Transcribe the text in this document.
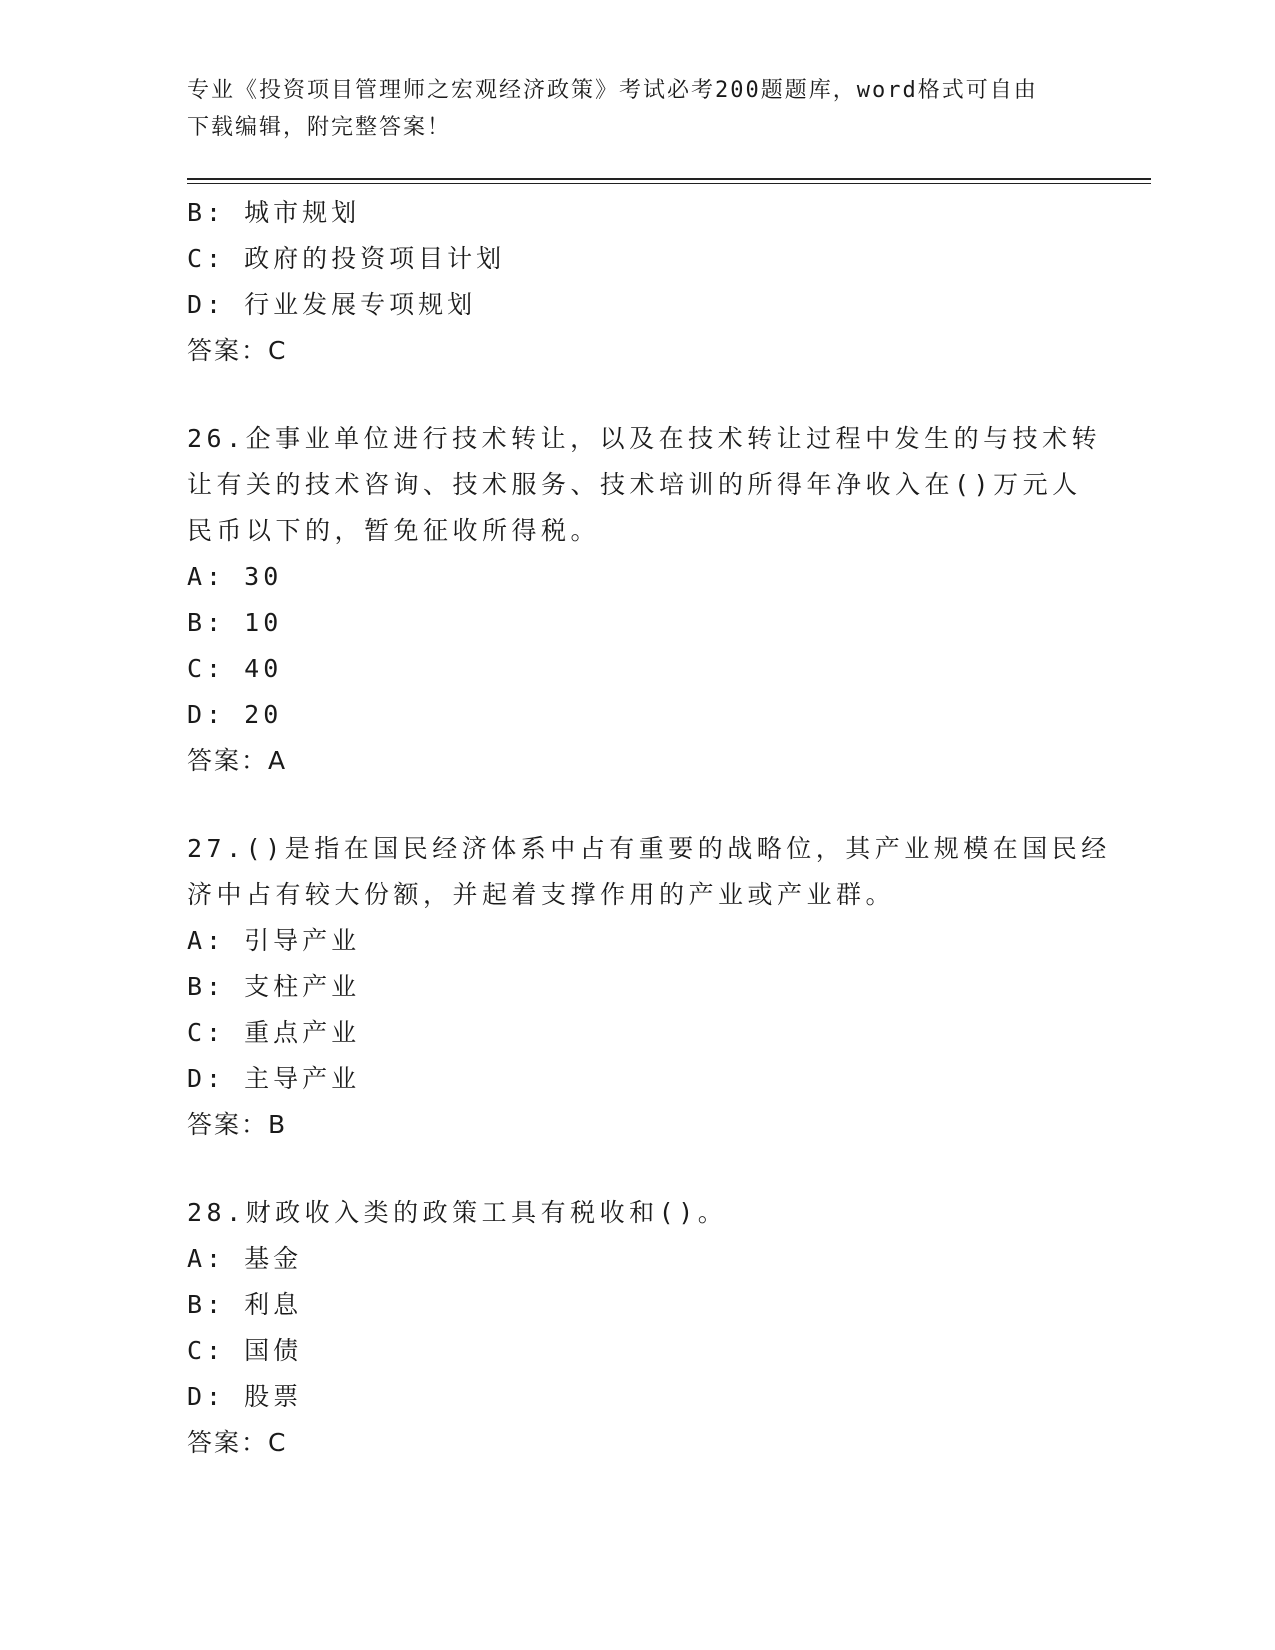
专业《投资项目管理师之宏观经济政策》考试必考200题题库，word格式可自由
下载编辑，附完整答案！
B: 城市规划
C: 政府的投资项目计划
D: 行业发展专项规划
答案：C
26.企事业单位进行技术转让，以及在技术转让过程中发生的与技术转
让有关的技术咨询、技术服务、技术培训的所得年净收入在()万元人
民币以下的，暂免征收所得税。
A: 30
B: 10
C: 40
D: 20
答案：A
27.()是指在国民经济体系中占有重要的战略位，其产业规模在国民经
济中占有较大份额，并起着支撑作用的产业或产业群。
A: 引导产业
B: 支柱产业
C: 重点产业
D: 主导产业
答案：B
28.财政收入类的政策工具有税收和()。
A: 基金
B: 利息
C: 国债
D: 股票
答案：C
